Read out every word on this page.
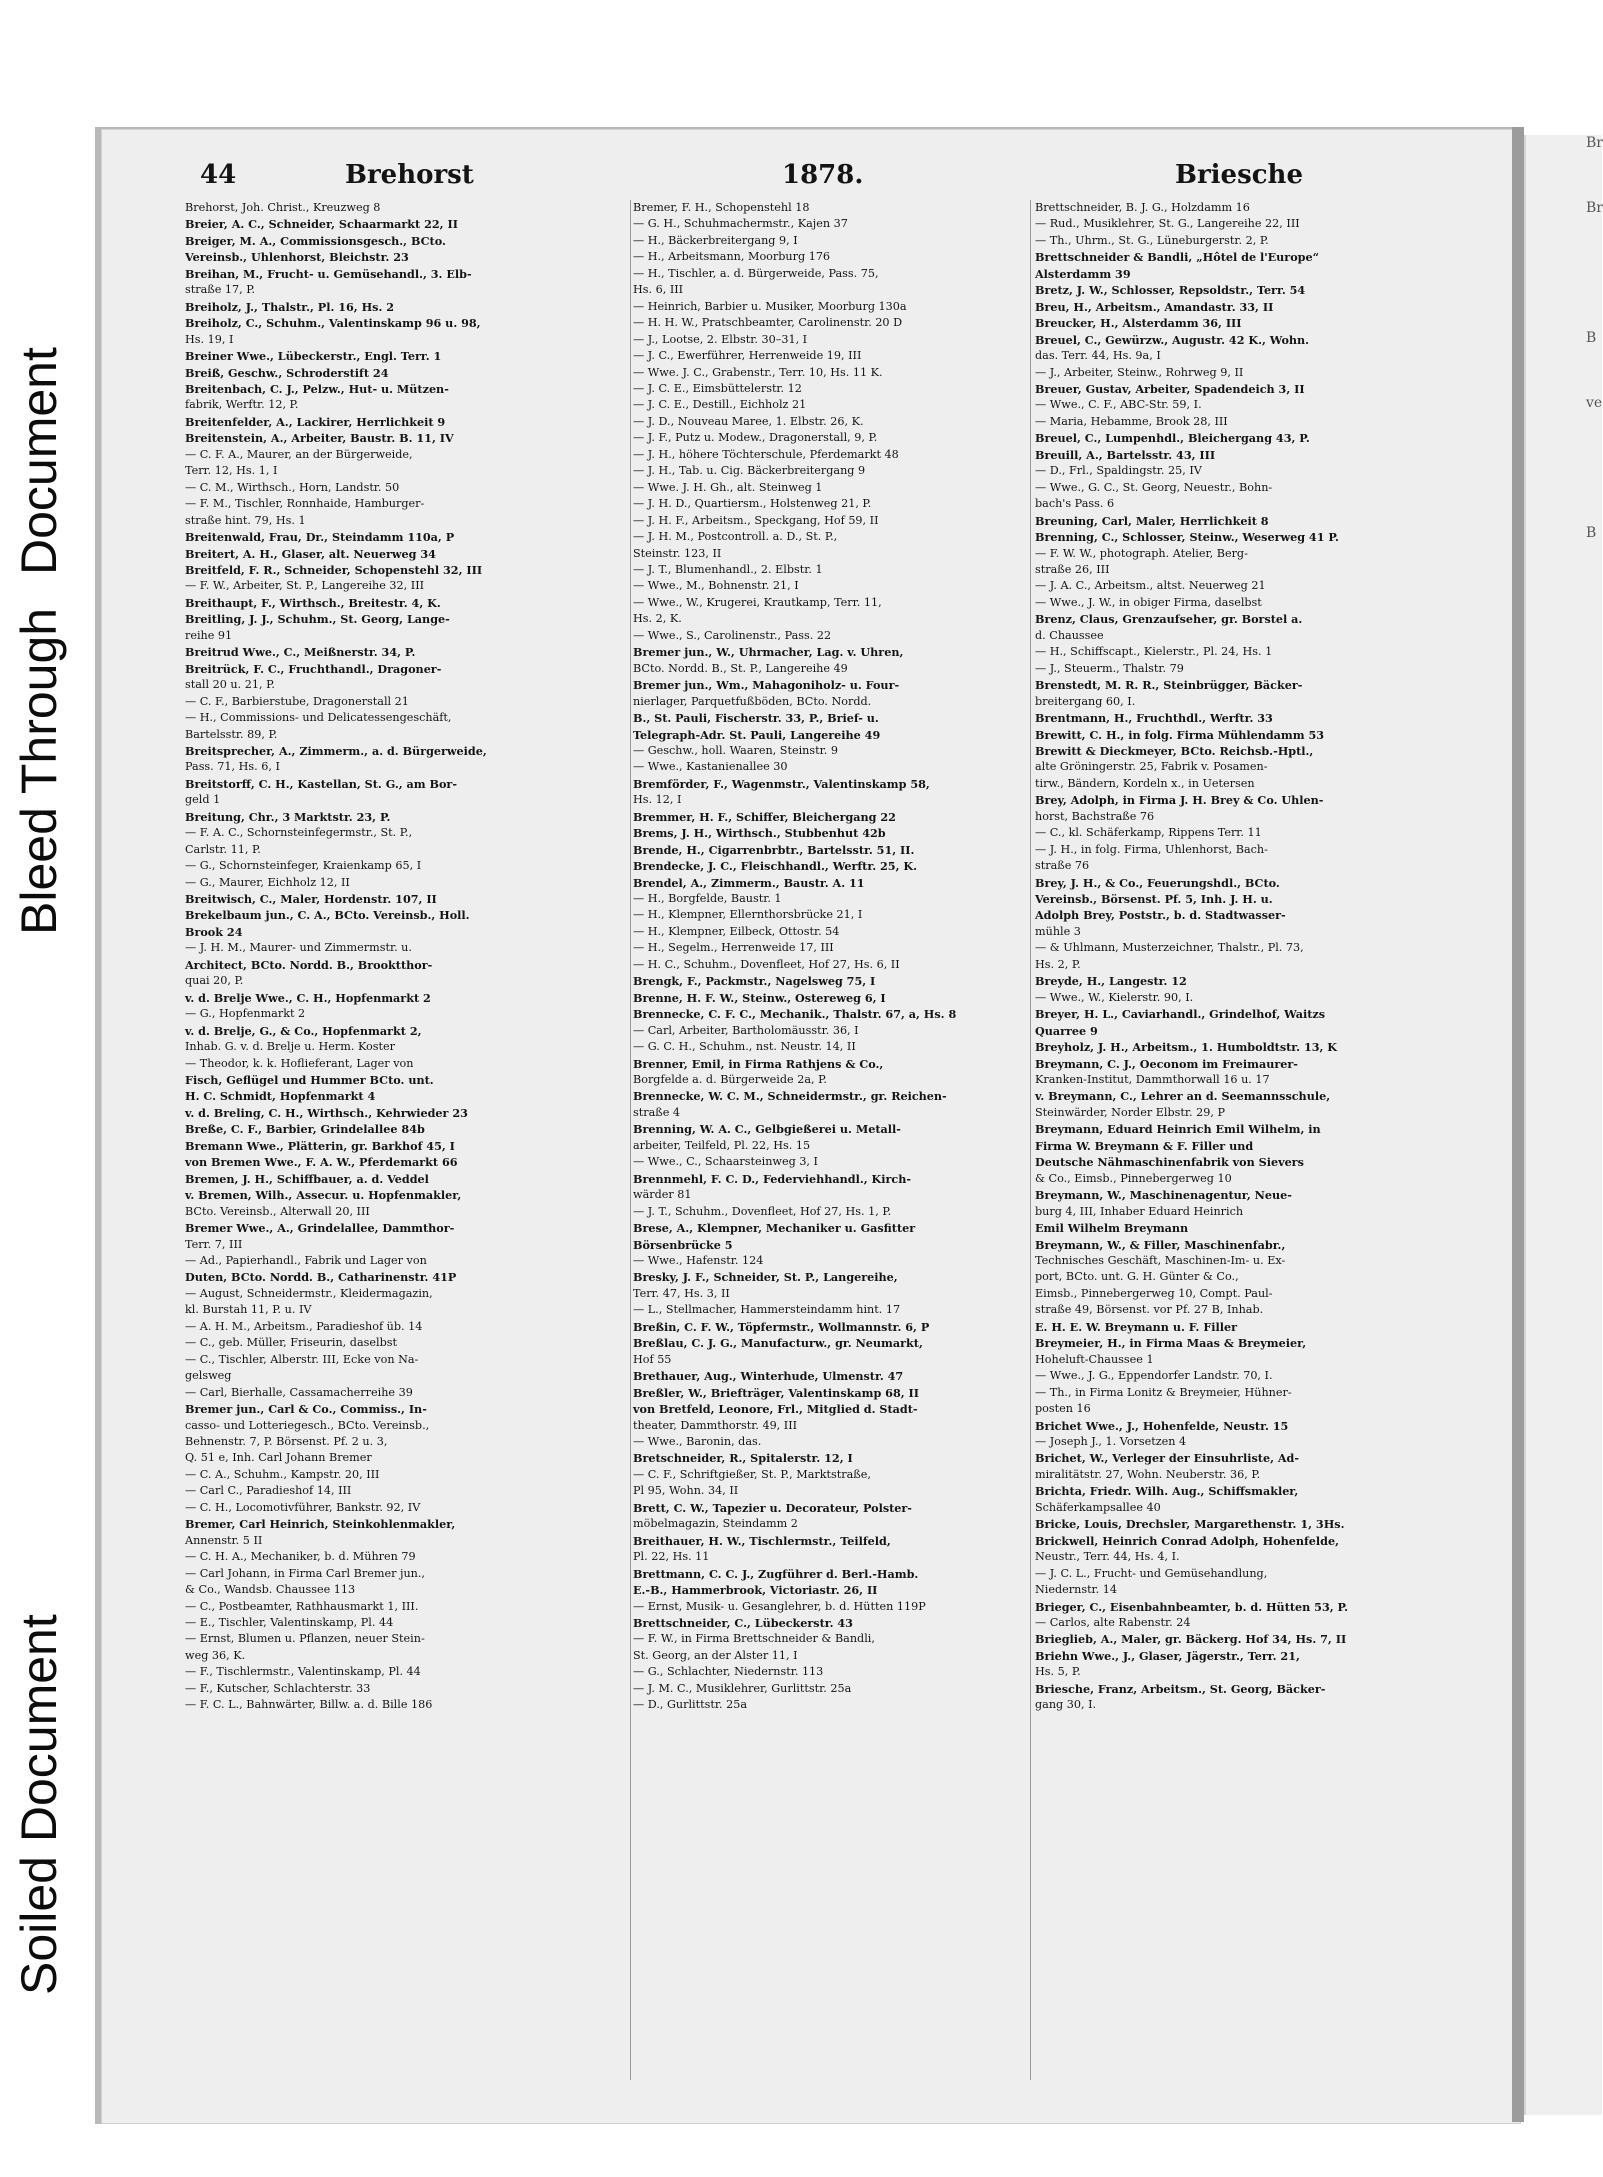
Bleed Through
Document
Soiled Document
Br
Br
B
ve
B
44	Brehorst	1878.	Briesche
Brehorst, Joh. Christ., Kreuzweg 8
Breier, A. C., Schneider, Schaarmarkt 22, II
Breiger, M. A., Commissionsgesch., BCto.
Vereinsb., Uhlenhorst, Bleichstr. 23
Breihan, M., Frucht- u. Gemüsehandl., 3. Elb-
straße 17, P.
Breiholz, J., Thalstr., Pl. 16, Hs. 2
Breiholz, C., Schuhm., Valentinskamp 96 u. 98,
Hs. 19, I
Breiner Wwe., Lübeckerstr., Engl. Terr. 1
Breiß, Geschw., Schroderstift 24
Breitenbach, C. J., Pelzw., Hut- u. Mützen-
fabrik, Werftr. 12, P.
Breitenfelder, A., Lackirer, Herrlichkeit 9
Breitenstein, A., Arbeiter, Baustr. B. 11, IV
— C. F. A., Maurer, an der Bürgerweide,
Terr. 12, Hs. 1, I
— C. M., Wirthsch., Horn, Landstr. 50
— F. M., Tischler, Ronnhaide, Hamburger-
straße hint. 79, Hs. 1
Breitenwald, Frau, Dr., Steindamm 110a, P
Breitert, A. H., Glaser, alt. Neuerweg 34
Breitfeld, F. R., Schneider, Schopenstehl 32, III
— F. W., Arbeiter, St. P., Langereihe 32, III
Breithaupt, F., Wirthsch., Breitestr. 4, K.
Breitling, J. J., Schuhm., St. Georg, Lange-
reihe 91
Breitrud Wwe., C., Meißnerstr. 34, P.
Breitrück, F. C., Fruchthandl., Dragoner-
stall 20 u. 21, P.
— C. F., Barbierstube, Dragonerstall 21
— H., Commissions- und Delicatessengeschäft,
Bartelsstr. 89, P.
Breitsprecher, A., Zimmerm., a. d. Bürgerweide,
Pass. 71, Hs. 6, I
Breitstorff, C. H., Kastellan, St. G., am Bor-
geld 1
Breitung, Chr., 3 Marktstr. 23, P.
— F. A. C., Schornsteinfegermstr., St. P.,
Carlstr. 11, P.
— G., Schornsteinfeger, Kraienkamp 65, I
— G., Maurer, Eichholz 12, II
Breitwisch, C., Maler, Hordenstr. 107, II
Brekelbaum jun., C. A., BCto. Vereinsb., Holl.
Brook 24
— J. H. M., Maurer- und Zimmermstr. u.
Architect, BCto. Nordd. B., Brooktthor-
quai 20, P.
v. d. Brelje Wwe., C. H., Hopfenmarkt 2
— G., Hopfenmarkt 2
v. d. Brelje, G., & Co., Hopfenmarkt 2,
Inhab. G. v. d. Brelje u. Herm. Koster
— Theodor, k. k. Hoflieferant, Lager von
Fisch, Geflügel und Hummer BCto. unt.
H. C. Schmidt, Hopfenmarkt 4
v. d. Breling, C. H., Wirthsch., Kehrwieder 23
Breße, C. F., Barbier, Grindelallee 84b
Bremann Wwe., Plätterin, gr. Barkhof 45, I
von Bremen Wwe., F. A. W., Pferdemarkt 66
Bremen, J. H., Schiffbauer, a. d. Veddel
v. Bremen, Wilh., Assecur. u. Hopfenmakler,
BCto. Vereinsb., Alterwall 20, III
Bremer Wwe., A., Grindelallee, Dammthor-
Terr. 7, III
— Ad., Papierhandl., Fabrik und Lager von
Duten, BCto. Nordd. B., Catharinenstr. 41P
— August, Schneidermstr., Kleidermagazin,
kl. Burstah 11, P. u. IV
— A. H. M., Arbeitsm., Paradieshof üb. 14
— C., geb. Müller, Friseurin, daselbst
— C., Tischler, Alberstr. III, Ecke von Na-
gelsweg
— Carl, Bierhalle, Cassamacherreihe 39
Bremer jun., Carl & Co., Commiss., In-
casso- und Lotteriegesch., BCto. Vereinsb.,
Behnenstr. 7, P. Börsenst. Pf. 2 u. 3,
Q. 51 e, Inh. Carl Johann Bremer
— C. A., Schuhm., Kampstr. 20, III
— Carl C., Paradieshof 14, III
— C. H., Locomotivführer, Bankstr. 92, IV
Bremer, Carl Heinrich, Steinkohlenmakler,
Annenstr. 5 II
— C. H. A., Mechaniker, b. d. Mühren 79
— Carl Johann, in Firma Carl Bremer jun.,
& Co., Wandsb. Chaussee 113
— C., Postbeamter, Rathhausmarkt 1, III.
— E., Tischler, Valentinskamp, Pl. 44
— Ernst, Blumen u. Pflanzen, neuer Stein-
weg 36, K.
— F., Tischlermstr., Valentinskamp, Pl. 44
— F., Kutscher, Schlachterstr. 33
— F. C. L., Bahnwärter, Billw. a. d. Bille 186
Bremer, F. H., Schopenstehl 18
— G. H., Schuhmachermstr., Kajen 37
— H., Bäckerbreitergang 9, I
— H., Arbeitsmann, Moorburg 176
— H., Tischler, a. d. Bürgerweide, Pass. 75,
Hs. 6, III
— Heinrich, Barbier u. Musiker, Moorburg 130a
— H. H. W., Pratschbeamter, Carolinenstr. 20 D
— J., Lootse, 2. Elbstr. 30–31, I
— J. C., Ewerführer, Herrenweide 19, III
— Wwe. J. C., Grabenstr., Terr. 10, Hs. 11 K.
— J. C. E., Eimsbüttelerstr. 12
— J. C. E., Destill., Eichholz 21
— J. D., Nouveau Maree, 1. Elbstr. 26, K.
— J. F., Putz u. Modew., Dragonerstall, 9, P.
— J. H., höhere Töchterschule, Pferdemarkt 48
— J. H., Tab. u. Cig. Bäckerbreitergang 9
— Wwe. J. H. Gh., alt. Steinweg 1
— J. H. D., Quartiersm., Holstenweg 21, P.
— J. H. F., Arbeitsm., Speckgang, Hof 59, II
— J. H. M., Postcontroll. a. D., St. P.,
Steinstr. 123, II
— J. T., Blumenhandl., 2. Elbstr. 1
— Wwe., M., Bohnenstr. 21, I
— Wwe., W., Krugerei, Krautkamp, Terr. 11,
Hs. 2, K.
— Wwe., S., Carolinenstr., Pass. 22
Bremer jun., W., Uhrmacher, Lag. v. Uhren,
BCto. Nordd. B., St. P., Langereihe 49
Bremer jun., Wm., Mahagoniholz- u. Four-
nierlager, Parquetfußböden, BCto. Nordd.
B., St. Pauli, Fischerstr. 33, P., Brief- u.
Telegraph-Adr. St. Pauli, Langereihe 49
— Geschw., holl. Waaren, Steinstr. 9
— Wwe., Kastanienallee 30
Bremförder, F., Wagenmstr., Valentinskamp 58,
Hs. 12, I
Bremmer, H. F., Schiffer, Bleichergang 22
Brems, J. H., Wirthsch., Stubbenhut 42b
Brende, H., Cigarrenbrbtr., Bartelsstr. 51, II.
Brendecke, J. C., Fleischhandl., Werftr. 25, K.
Brendel, A., Zimmerm., Baustr. A. 11
— H., Borgfelde, Baustr. 1
— H., Klempner, Ellernthorsbrücke 21, I
— H., Klempner, Eilbeck, Ottostr. 54
— H., Segelm., Herrenweide 17, III
— H. C., Schuhm., Dovenfleet, Hof 27, Hs. 6, II
Brengk, F., Packmstr., Nagelsweg 75, I
Brenne, H. F. W., Steinw., Ostereweg 6, I
Brennecke, C. F. C., Mechanik., Thalstr. 67, a, Hs. 8
— Carl, Arbeiter, Bartholomäusstr. 36, I
— G. C. H., Schuhm., nst. Neustr. 14, II
Brenner, Emil, in Firma Rathjens & Co.,
Borgfelde a. d. Bürgerweide 2a, P.
Brennecke, W. C. M., Schneidermstr., gr. Reichen-
straße 4
Brenning, W. A. C., Gelbgießerei u. Metall-
arbeiter, Teilfeld, Pl. 22, Hs. 15
— Wwe., C., Schaarsteinweg 3, I
Brennmehl, F. C. D., Federviehhandl., Kirch-
wärder 81
— J. T., Schuhm., Dovenfleet, Hof 27, Hs. 1, P.
Brese, A., Klempner, Mechaniker u. Gasfitter
Börsenbrücke 5
— Wwe., Hafenstr. 124
Bresky, J. F., Schneider, St. P., Langereihe,
Terr. 47, Hs. 3, II
— L., Stellmacher, Hammersteindamm hint. 17
Breßin, C. F. W., Töpfermstr., Wollmannstr. 6, P
Breßlau, C. J. G., Manufacturw., gr. Neumarkt,
Hof 55
Brethauer, Aug., Winterhude, Ulmenstr. 47
Breßler, W., Briefträger, Valentinskamp 68, II
von Bretfeld, Leonore, Frl., Mitglied d. Stadt-
theater, Dammthorstr. 49, III
— Wwe., Baronin, das.
Bretschneider, R., Spitalerstr. 12, I
— C. F., Schriftgießer, St. P., Marktstraße,
Pl 95, Wohn. 34, II
Brett, C. W., Tapezier u. Decorateur, Polster-
möbelmagazin, Steindamm 2
Breithauer, H. W., Tischlermstr., Teilfeld,
Pl. 22, Hs. 11
Brettmann, C. C. J., Zugführer d. Berl.-Hamb.
E.-B., Hammerbrook, Victoriastr. 26, II
— Ernst, Musik- u. Gesanglehrer, b. d. Hütten 119P
Brettschneider, C., Lübeckerstr. 43
— F. W., in Firma Brettschneider & Bandli,
St. Georg, an der Alster 11, I
— G., Schlachter, Niedernstr. 113
— J. M. C., Musiklehrer, Gurlittstr. 25a
— D., Gurlittstr. 25a
Brettschneider, B. J. G., Holzdamm 16
— Rud., Musiklehrer, St. G., Langereihe 22, III
— Th., Uhrm., St. G., Lüneburgerstr. 2, P.
Brettschneider & Bandli, „Hôtel de l'Europe“
Alsterdamm 39
Bretz, J. W., Schlosser, Repsoldstr., Terr. 54
Breu, H., Arbeitsm., Amandastr. 33, II
Breucker, H., Alsterdamm 36, III
Breuel, C., Gewürzw., Augustr. 42 K., Wohn.
das. Terr. 44, Hs. 9a, I
— J., Arbeiter, Steinw., Rohrweg 9, II
Breuer, Gustav, Arbeiter, Spadendeich 3, II
— Wwe., C. F., ABC-Str. 59, I.
— Maria, Hebamme, Brook 28, III
Breuel, C., Lumpenhdl., Bleichergang 43, P.
Breuill, A., Bartelsstr. 43, III
— D., Frl., Spaldingstr. 25, IV
— Wwe., G. C., St. Georg, Neuestr., Bohn-
bach's Pass. 6
Breuning, Carl, Maler, Herrlichkeit 8
Brenning, C., Schlosser, Steinw., Weserweg 41 P.
— F. W. W., photograph. Atelier, Berg-
straße 26, III
— J. A. C., Arbeitsm., altst. Neuerweg 21
— Wwe., J. W., in obiger Firma, daselbst
Brenz, Claus, Grenzaufseher, gr. Borstel a.
d. Chaussee
— H., Schiffscapt., Kielerstr., Pl. 24, Hs. 1
— J., Steuerm., Thalstr. 79
Brenstedt, M. R. R., Steinbrügger, Bäcker-
breitergang 60, I.
Brentmann, H., Fruchthdl., Werftr. 33
Brewitt, C. H., in folg. Firma Mühlendamm 53
Brewitt & Dieckmeyer, BCto. Reichsb.-Hptl.,
alte Gröningerstr. 25, Fabrik v. Posamen-
tirw., Bändern, Kordeln x., in Uetersen
Brey, Adolph, in Firma J. H. Brey & Co. Uhlen-
horst, Bachstraße 76
— C., kl. Schäferkamp, Rippens Terr. 11
— J. H., in folg. Firma, Uhlenhorst, Bach-
straße 76
Brey, J. H., & Co., Feuerungshdl., BCto.
Vereinsb., Börsenst. Pf. 5, Inh. J. H. u.
Adolph Brey, Poststr., b. d. Stadtwasser-
mühle 3
— & Uhlmann, Musterzeichner, Thalstr., Pl. 73,
Hs. 2, P.
Breyde, H., Langestr. 12
— Wwe., W., Kielerstr. 90, I.
Breyer, H. L., Caviarhandl., Grindelhof, Waitzs
Quarree 9
Breyholz, J. H., Arbeitsm., 1. Humboldtstr. 13, K
Breymann, C. J., Oeconom im Freimaurer-
Kranken-Institut, Dammthorwall 16 u. 17
v. Breymann, C., Lehrer an d. Seemannsschule,
Steinwärder, Norder Elbstr. 29, P
Breymann, Eduard Heinrich Emil Wilhelm, in
Firma W. Breymann & F. Filler und
Deutsche Nähmaschinenfabrik von Sievers
& Co., Eimsb., Pinnebergerweg 10
Breymann, W., Maschinenagentur, Neue-
burg 4, III, Inhaber Eduard Heinrich
Emil Wilhelm Breymann
Breymann, W., & Filler, Maschinenfabr.,
Technisches Geschäft, Maschinen-Im- u. Ex-
port, BCto. unt. G. H. Günter & Co.,
Eimsb., Pinnebergerweg 10, Compt. Paul-
straße 49, Börsenst. vor Pf. 27 B, Inhab.
E. H. E. W. Breymann u. F. Filler
Breymeier, H., in Firma Maas & Breymeier,
Hoheluft-Chaussee 1
— Wwe., J. G., Eppendorfer Landstr. 70, I.
— Th., in Firma Lonitz & Breymeier, Hühner-
posten 16
Brichet Wwe., J., Hohenfelde, Neustr. 15
— Joseph J., 1. Vorsetzen 4
Brichet, W., Verleger der Einsuhrliste, Ad-
miralitätstr. 27, Wohn. Neuberstr. 36, P.
Brichta, Friedr. Wilh. Aug., Schiffsmakler,
Schäferkampsallee 40
Bricke, Louis, Drechsler, Margarethenstr. 1, 3Hs.
Brickwell, Heinrich Conrad Adolph, Hohenfelde,
Neustr., Terr. 44, Hs. 4, I.
— J. C. L., Frucht- und Gemüsehandlung,
Niedernstr. 14
Brieger, C., Eisenbahnbeamter, b. d. Hütten 53, P.
— Carlos, alte Rabenstr. 24
Brieglieb, A., Maler, gr. Bäckerg. Hof 34, Hs. 7, II
Briehn Wwe., J., Glaser, Jägerstr., Terr. 21,
Hs. 5, P.
Briesche, Franz, Arbeitsm., St. Georg, Bäcker-
gang 30, I.
